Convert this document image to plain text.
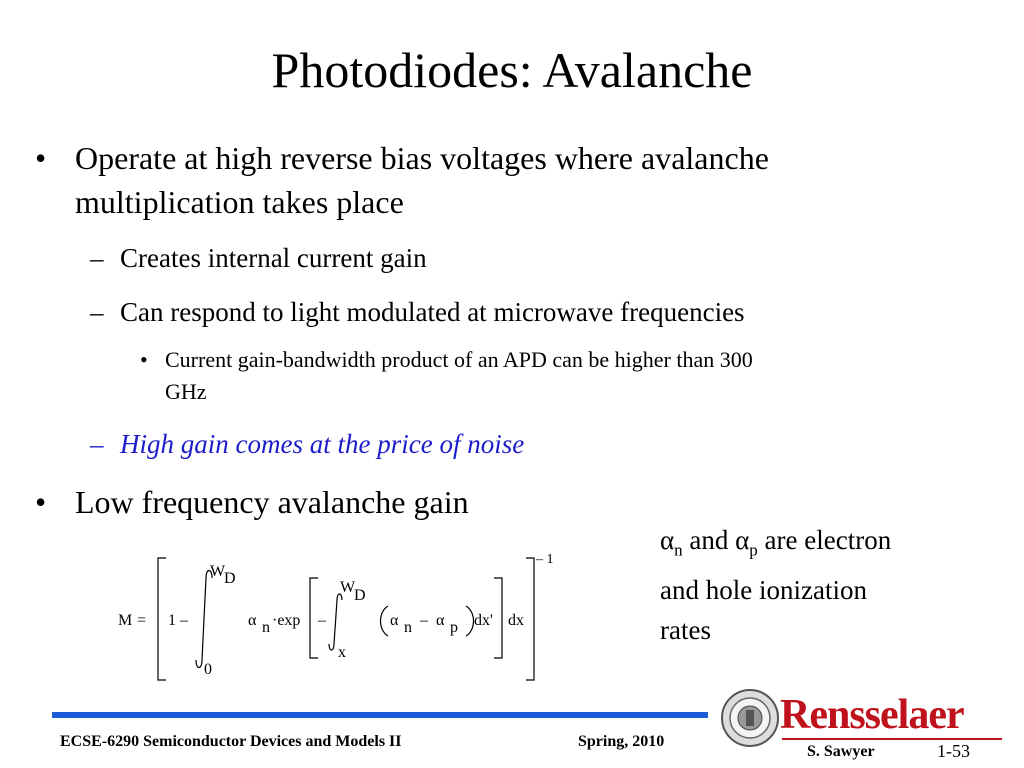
Photodiodes: Avalanche
• Operate at high reverse bias voltages where avalanche
multiplication takes place
– Creates internal current gain
– Can respond to light modulated at microwave frequencies
• Current gain-bandwidth product of an APD can be higher than 300
GHz
– High gain comes at the price of noise
• Low frequency avalanche gain
$\alpha_n$ and $\alpha_p$ are electron
and hole ionization
rates
M = 1 –
W
D
0
α n ·exp –
W
D
x
α n – α p dx' dx
– 1
ECSE-6290 Semiconductor Devices and Models II	Spring, 2010
S. Sawyer	1-53
Rensselaer
